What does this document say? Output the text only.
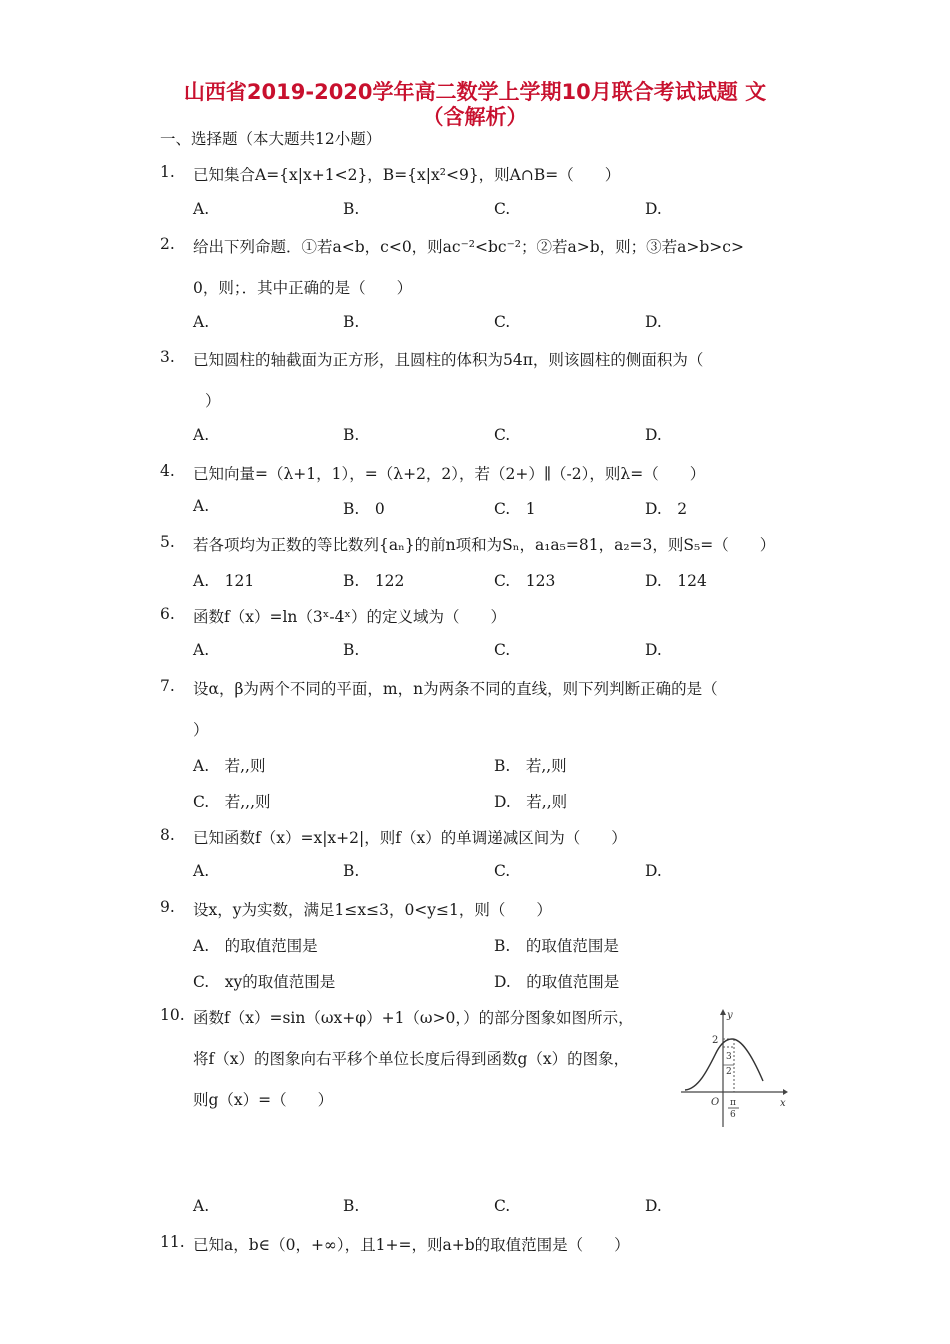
山西省2019-2020学年高二数学上学期10月联合考试试题 文
（含解析）
一、选择题（本大题共12小题）
1. 已知集合A={x|x+1<2}，B={x|x²<9}，则A∩B=（　　）
A.	B.	C.	D.
2. 给出下列命题．①若a<b，c<0，则ac⁻²<bc⁻²；②若a>b，则；③若a>b>c>
0，则；．其中正确的是（　　）
A.	B.	C.	D.
3. 已知圆柱的轴截面为正方形，且圆柱的体积为54π，则该圆柱的侧面积为（
）
A.	B.	C.	D.
4. 已知向量=（λ+1，1），=（λ+2，2），若（2+）∥（-2），则λ=（　　）
A.	B.　0	C.　1	D.　2
5. 若各项均为正数的等比数列{aₙ}的前n项和为Sₙ，a₁a₅=81，a₂=3，则S₅=（　　）
A.　121	B.　122	C.　123	D.　124
6. 函数f（x）=ln（3ˣ-4ˣ）的定义域为（　　）
A.	B.	C.	D.
7. 设α，β为两个不同的平面，m，n为两条不同的直线，则下列判断正确的是（
）
A.　若,,则	B.　若,,则
C.　若,,,则	D.　若,,则
8. 已知函数f（x）=x|x+2|，则f（x）的单调递减区间为（　　）
A.	B.	C.	D.
9. 设x，y为实数，满足1≤x≤3，0<y≤1，则（　　）
A.　的取值范围是	B.　的取值范围是
C.　xy的取值范围是	D.　的取值范围是
10. 函数f（x）=sin（ωx+φ）+1（ω>0，）的部分图象如图所示，
将f（x）的图象向右平移个单位长度后得到函数g（x）的图象，
则g（x）=（　　）
y
x
O
2
3
2
π
6
A.	B.	C.	D.
11. 已知a，b∈（0，+∞），且1+=，则a+b的取值范围是（　　）
